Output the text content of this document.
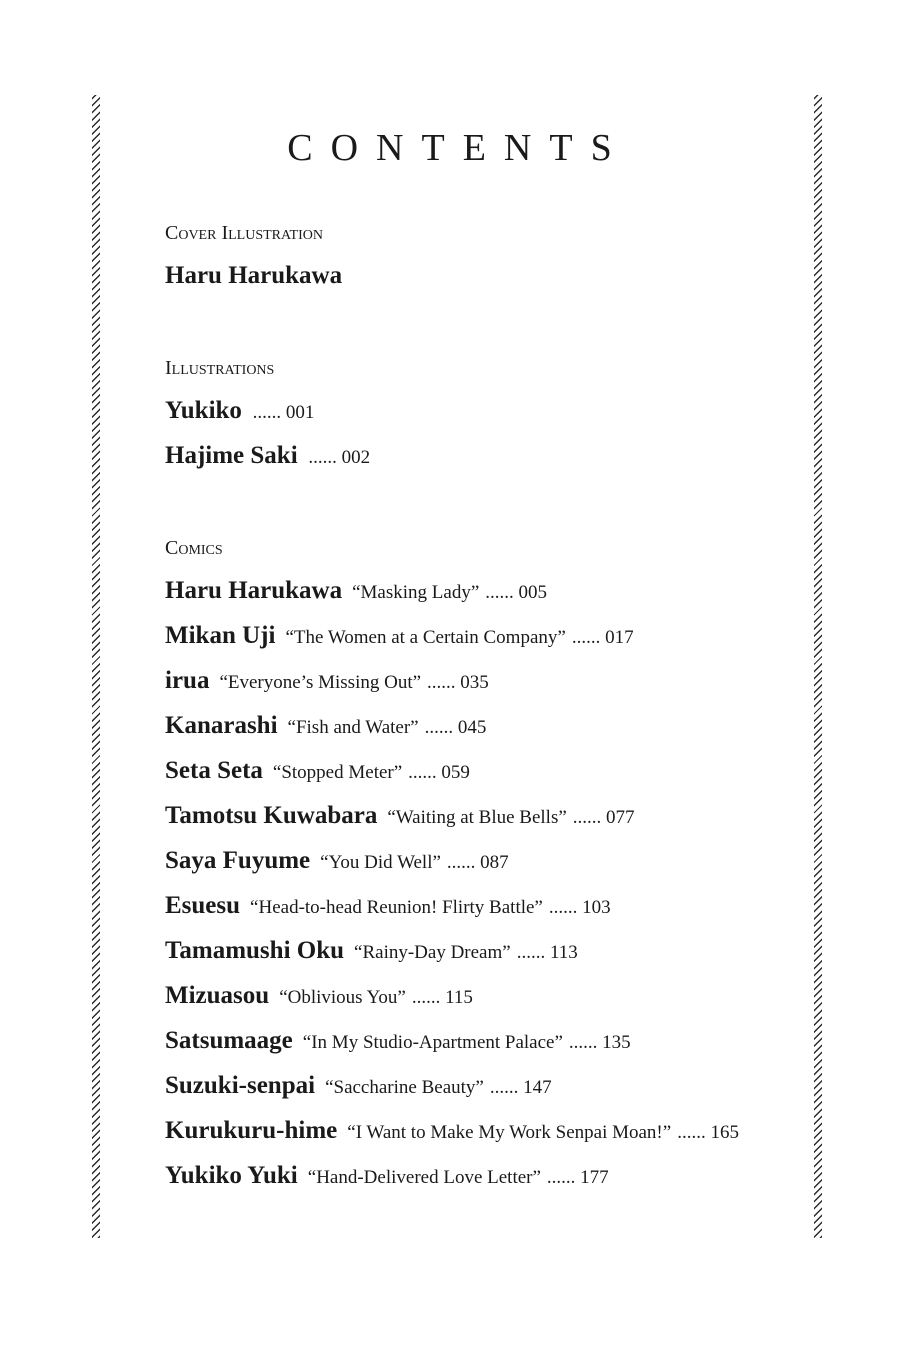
CONTENTS
Cover Illustration
Haru Harukawa
Illustrations
Yukiko ...... 001
Hajime Saki ...... 002
Comics
Haru Harukawa “Masking Lady” ...... 005
Mikan Uji “The Women at a Certain Company” ...... 017
irua “Everyone’s Missing Out” ...... 035
Kanarashi “Fish and Water” ...... 045
Seta Seta “Stopped Meter” ...... 059
Tamotsu Kuwabara “Waiting at Blue Bells” ...... 077
Saya Fuyume “You Did Well” ...... 087
Esuesu “Head-to-head Reunion! Flirty Battle” ...... 103
Tamamushi Oku “Rainy-Day Dream” ...... 113
Mizuasou “Oblivious You” ...... 115
Satsumaage “In My Studio-Apartment Palace” ...... 135
Suzuki-senpai “Saccharine Beauty” ...... 147
Kurukuru-hime “I Want to Make My Work Senpai Moan!” ...... 165
Yukiko Yuki “Hand-Delivered Love Letter” ...... 177
